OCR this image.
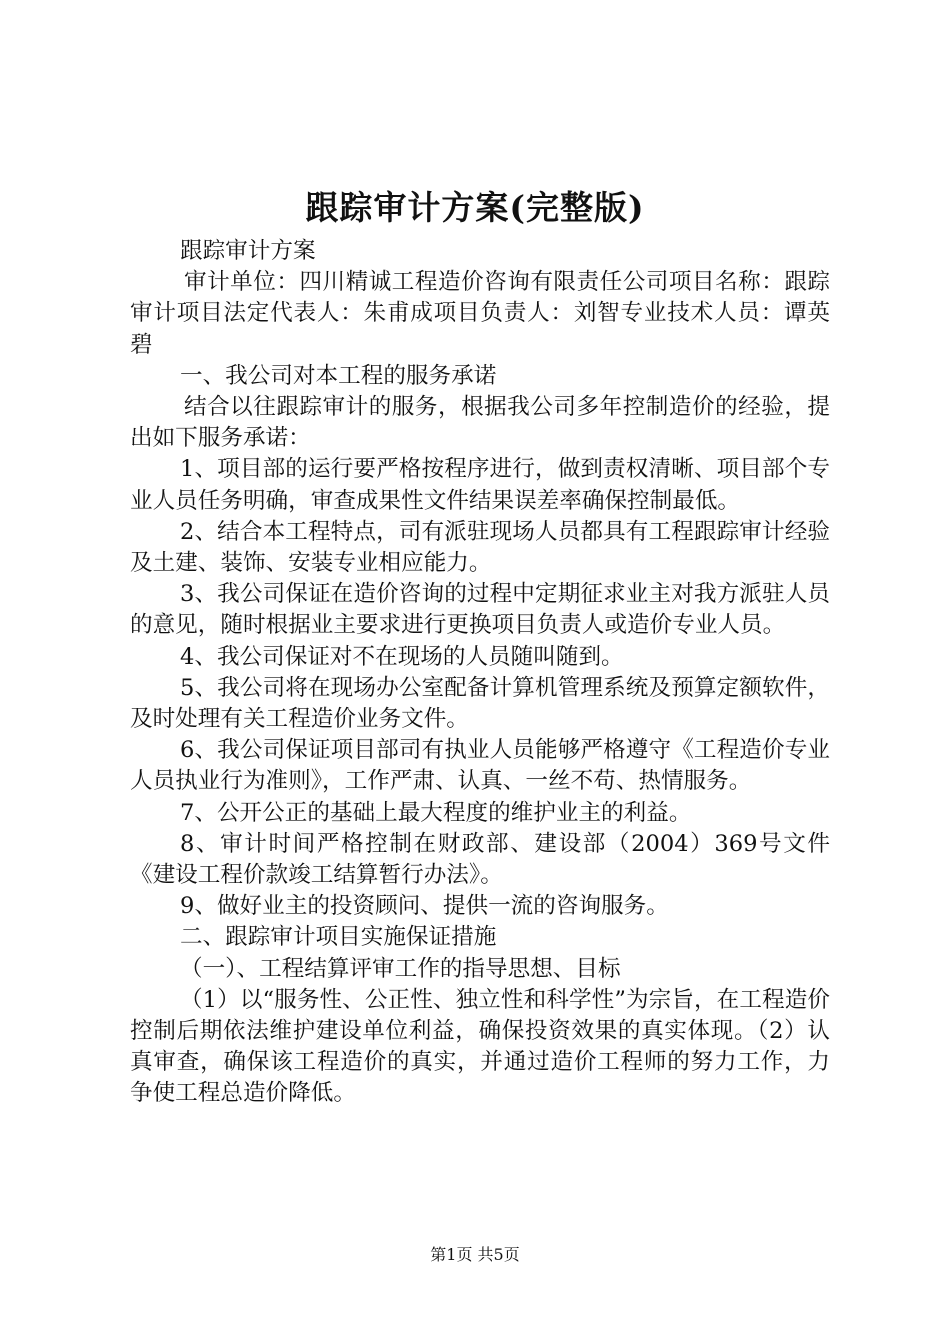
跟踪审计方案(完整版)

跟踪审计方案

审计单位：四川精诚工程造价咨询有限责任公司项目名称：跟踪审计项目法定代表人：朱甫成项目负责人：刘智专业技术人员：谭英碧

一、我公司对本工程的服务承诺

结合以往跟踪审计的服务，根据我公司多年控制造价的经验，提出如下服务承诺：

1、项目部的运行要严格按程序进行，做到责权清晰、项目部个专业人员任务明确，审查成果性文件结果误差率确保控制最低。

2、结合本工程特点，司有派驻现场人员都具有工程跟踪审计经验及土建、装饰、安装专业相应能力。

3、我公司保证在造价咨询的过程中定期征求业主对我方派驻人员的意见，随时根据业主要求进行更换项目负责人或造价专业人员。

4、我公司保证对不在现场的人员随叫随到。

5、我公司将在现场办公室配备计算机管理系统及预算定额软件，及时处理有关工程造价业务文件。

6、我公司保证项目部司有执业人员能够严格遵守《工程造价专业人员执业行为准则》，工作严肃、认真、一丝不苟、热情服务。

7、公开公正的基础上最大程度的维护业主的利益。

8、审计时间严格控制在财政部、建设部（2004）369号文件《建设工程价款竣工结算暂行办法》。

9、做好业主的投资顾问、提供一流的咨询服务。

二、跟踪审计项目实施保证措施

（一）、工程结算评审工作的指导思想、目标

（1）以“服务性、公正性、独立性和科学性”为宗旨，在工程造价控制后期依法维护建设单位利益，确保投资效果的真实体现。（2）认真审查，确保该工程造价的真实，并通过造价工程师的努力工作，力争使工程总造价降低。

第1页 共5页
